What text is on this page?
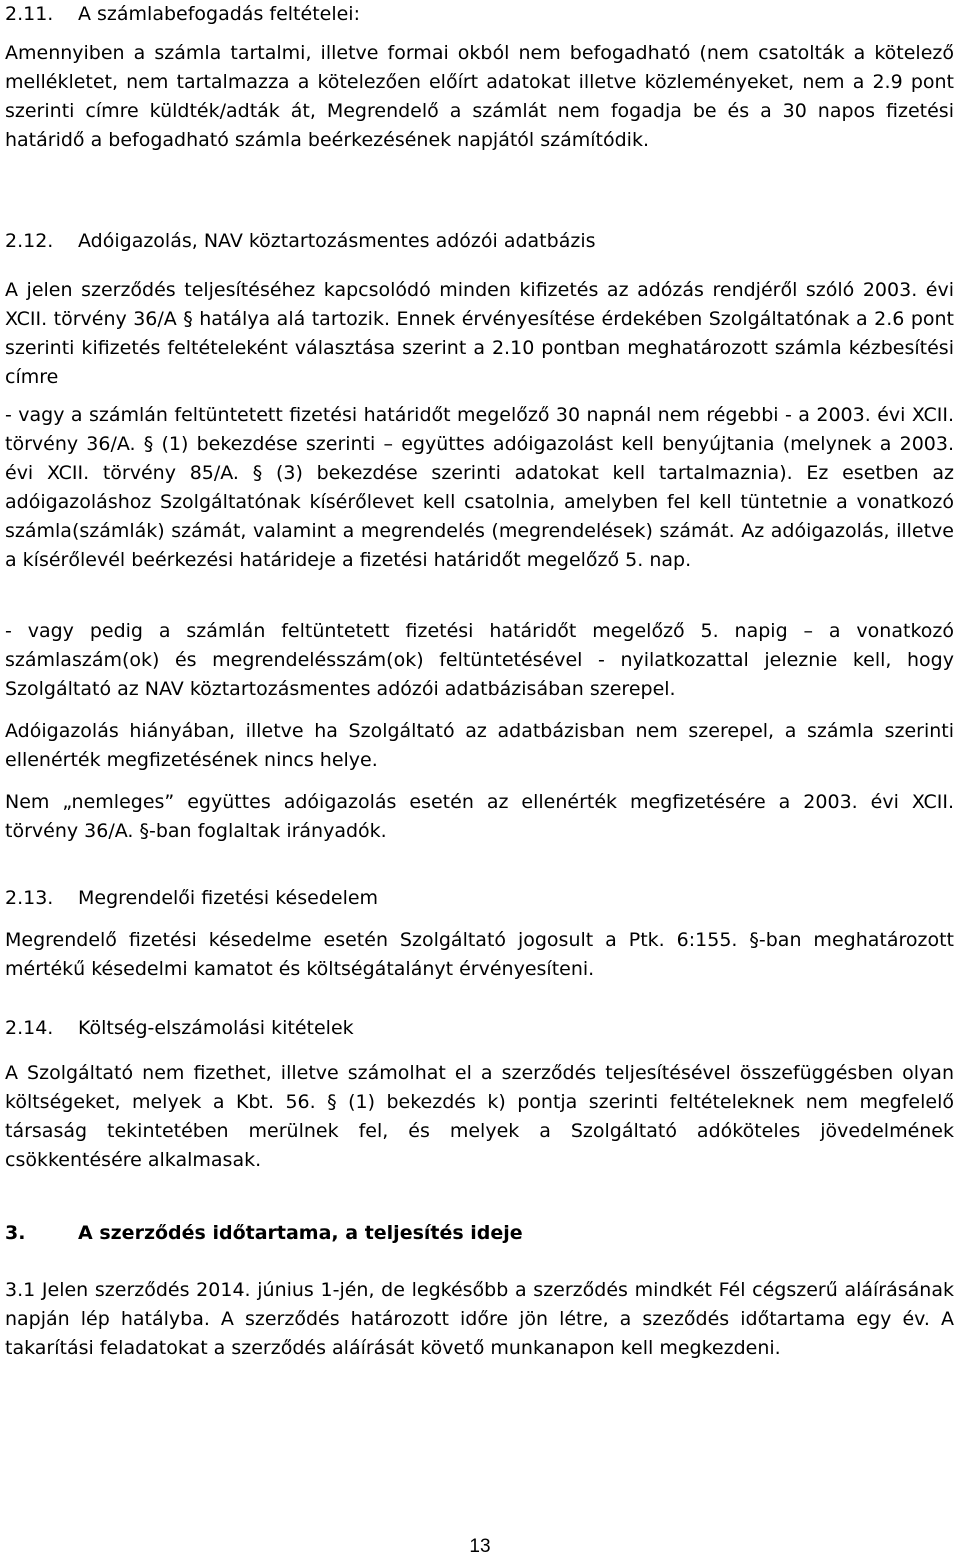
2.11. A számlabefogadás feltételei:

Amennyiben a számla tartalmi, illetve formai okból nem befogadható (nem csatolták a kötelező mellékletet, nem tartalmazza a kötelezően előírt adatokat illetve közleményeket, nem a 2.9 pont szerinti címre küldték/adták át, Megrendelő a számlát nem fogadja be és a 30 napos fizetési határidő a befogadható számla beérkezésének napjától számítódik.

2.12. Adóigazolás, NAV köztartozásmentes adózói adatbázis

A jelen szerződés teljesítéséhez kapcsolódó minden kifizetés az adózás rendjéről szóló 2003. évi XCII. törvény 36/A § hatálya alá tartozik. Ennek érvényesítése érdekében Szolgáltatónak a 2.6 pont szerinti kifizetés feltételeként választása szerint a 2.10 pontban meghatározott számla kézbesítési címre

- vagy a számlán feltüntetett fizetési határidőt megelőző 30 napnál nem régebbi - a 2003. évi XCII. törvény 36/A. § (1) bekezdése szerinti – együttes adóigazolást kell benyújtania (melynek a 2003. évi XCII. törvény 85/A. § (3) bekezdése szerinti adatokat kell tartalmaznia). Ez esetben az adóigazoláshoz Szolgáltatónak kísérőlevet kell csatolnia, amelyben fel kell tüntetnie a vonatkozó számla(számlák) számát, valamint a megrendelés (megrendelések) számát. Az adóigazolás, illetve a kísérőlevél beérkezési határideje a fizetési határidőt megelőző 5. nap.

- vagy pedig a számlán feltüntetett fizetési határidőt megelőző 5. napig – a vonatkozó számlaszám(ok) és megrendelésszám(ok) feltüntetésével - nyilatkozattal jeleznie kell, hogy Szolgáltató az NAV köztartozásmentes adózói adatbázisában szerepel.

Adóigazolás hiányában, illetve ha Szolgáltató az adatbázisban nem szerepel, a számla szerinti ellenérték megfizetésének nincs helye.

Nem „nemleges” együttes adóigazolás esetén az ellenérték megfizetésére a 2003. évi XCII. törvény 36/A. §-ban foglaltak irányadók.

2.13. Megrendelői fizetési késedelem

Megrendelő fizetési késedelme esetén Szolgáltató jogosult a Ptk. 6:155. §-ban meghatározott mértékű késedelmi kamatot és költségátalányt érvényesíteni.

2.14. Költség-elszámolási kitételek

A Szolgáltató nem fizethet, illetve számolhat el a szerződés teljesítésével összefüggésben olyan költségeket, melyek a Kbt. 56. § (1) bekezdés k) pontja szerinti feltételeknek nem megfelelő társaság tekintetében merülnek fel, és melyek a Szolgáltató adóköteles jövedelmének csökkentésére alkalmasak.

3.	A szerződés időtartama, a teljesítés ideje

3.1 Jelen szerződés 2014. június 1-jén, de legkésőbb a szerződés mindkét Fél cégszerű aláírásának napján lép hatályba. A szerződés határozott időre jön létre, a szeződés időtartama egy év. A takarítási feladatokat a szerződés aláírását követő munkanapon kell megkezdeni.

13
